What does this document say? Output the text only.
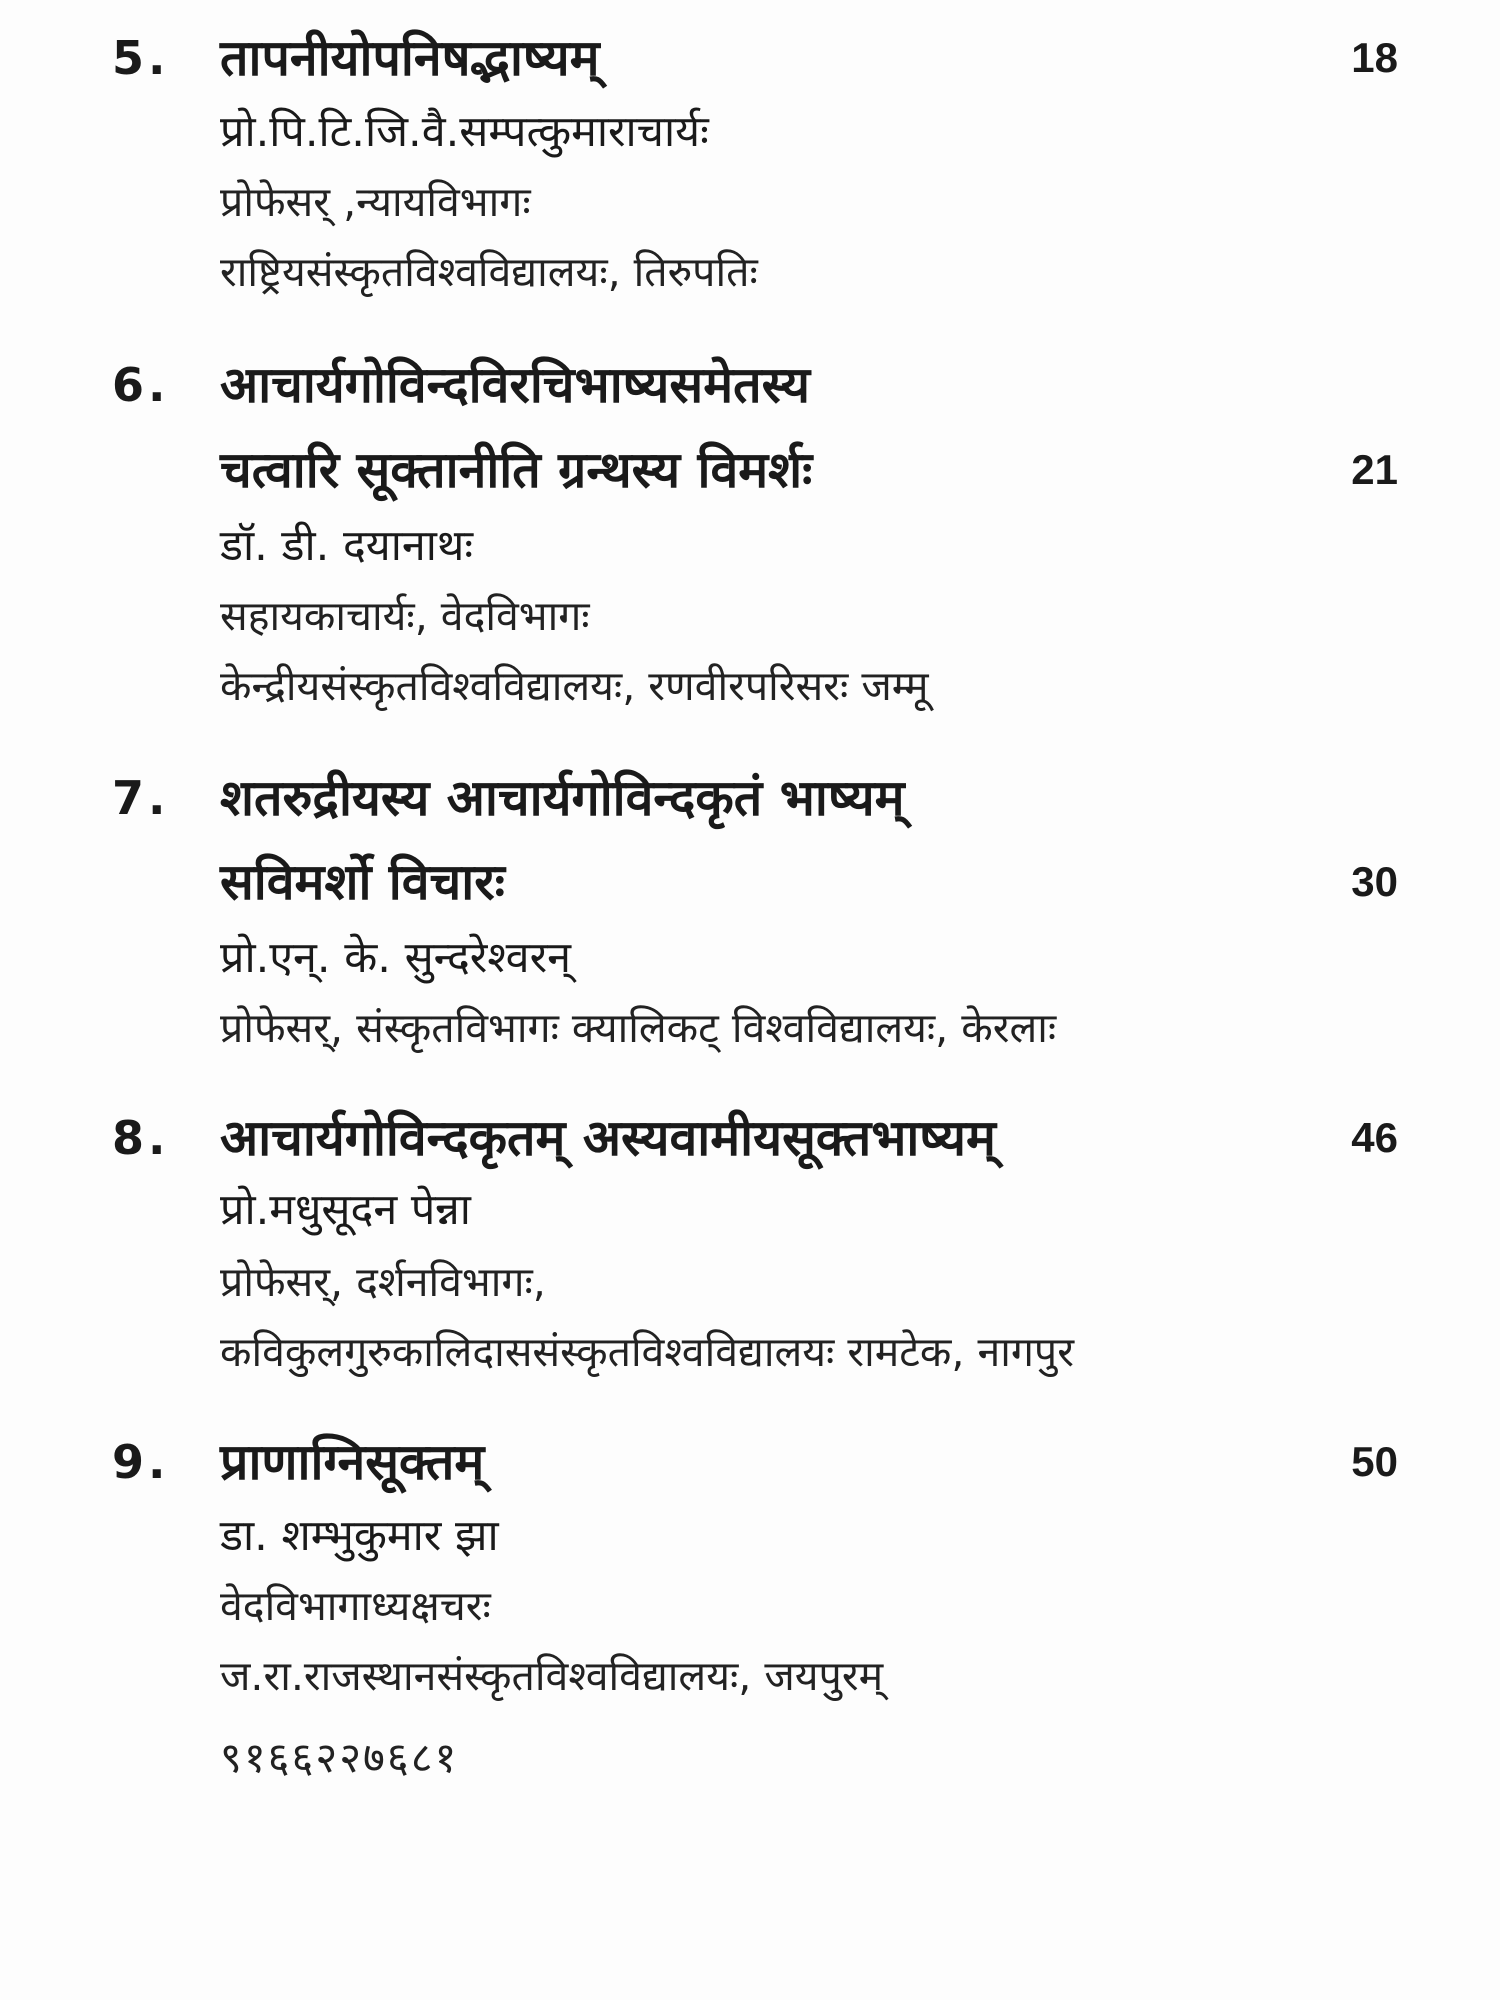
5. तापनीयोपनिषद्भाष्यम्	18
प्रो.पि.टि.जि.वै.सम्पत्कुमाराचार्यः
प्रोफेसर् ,न्यायविभागः
राष्ट्रियसंस्कृतविश्वविद्यालयः, तिरुपतिः
6. आचार्यगोविन्दविरचिभाष्यसमेतस्य
चत्वारि सूक्तानीति ग्रन्थस्य विमर्शः	21
डॉ. डी. दयानाथः
सहायकाचार्यः, वेदविभागः
केन्द्रीयसंस्कृतविश्वविद्यालयः, रणवीरपरिसरः जम्मू
7. शतरुद्रीयस्य आचार्यगोविन्दकृतं भाष्यम्
सविमर्शो विचारः	30
प्रो.एन्. के. सुन्दरेश्वरन्
प्रोफेसर्, संस्कृतविभागः क्यालिकट् विश्वविद्यालयः, केरलाः
8. आचार्यगोविन्दकृतम् अस्यवामीयसूक्तभाष्यम्	46
प्रो.मधुसूदन पेन्ना
प्रोफेसर्, दर्शनविभागः,
कविकुलगुरुकालिदाससंस्कृतविश्वविद्यालयः रामटेक, नागपुर
9. प्राणाग्निसूक्तम्	50
डा. शम्भुकुमार झा
वेदविभागाध्यक्षचरः
ज.रा.राजस्थानसंस्कृतविश्वविद्यालयः, जयपुरम्
९१६६२२७६८१
